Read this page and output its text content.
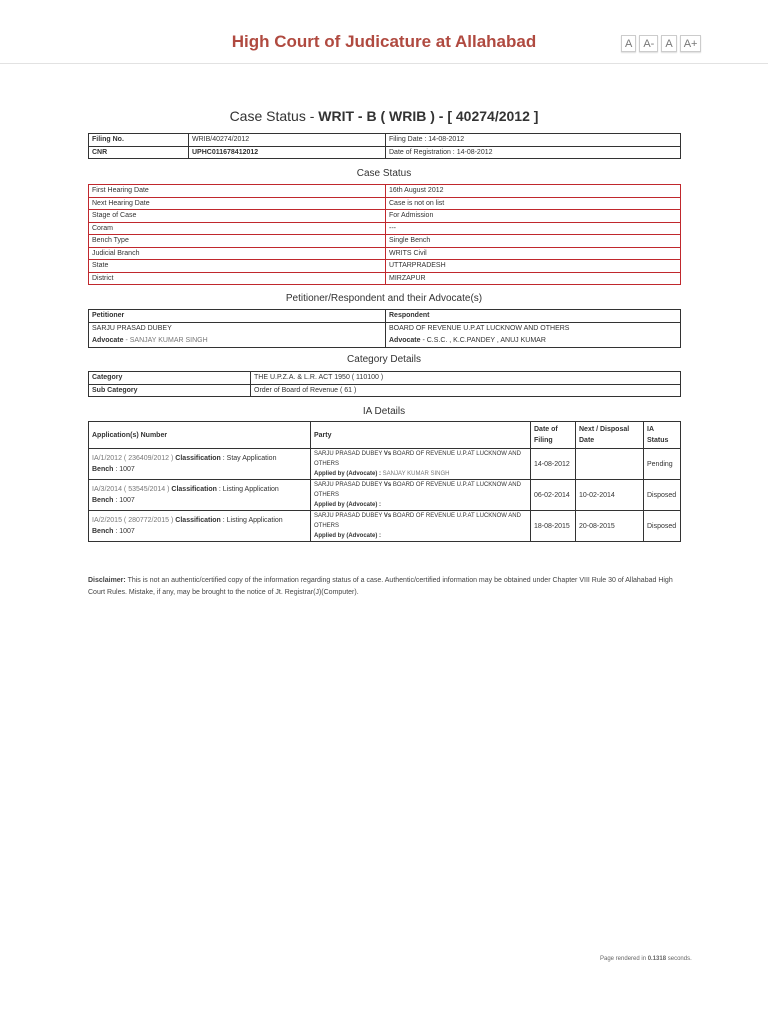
High Court of Judicature at Allahabad	A	A-	A	A+
Case Status - WRIT - B ( WRIB ) - [ 40274/2012 ]
Filing No.	WRIB/40274/2012	Filing Date : 14-08-2012
CNR	UPHC011678412012	Date of Registration : 14-08-2012
Case Status
First Hearing Date	16th August 2012
Next Hearing Date	Case is not on list
Stage of Case	For Admission
Coram	---
Bench Type	Single Bench
Judicial Branch	WRITS Civil
State	UTTARPRADESH
District	MIRZAPUR
Petitioner/Respondent and their Advocate(s)
Petitioner	Respondent
SARJU PRASAD DUBEY	BOARD OF REVENUE U.P.AT LUCKNOW AND OTHERS
Advocate - SANJAY KUMAR SINGH	Advocate - C.S.C. , K.C.PANDEY , ANUJ KUMAR
Category Details
Category	THE U.P.Z.A. & L.R. ACT 1950 ( 110100 )
Sub Category	Order of Board of Revenue ( 61 )
IA Details
Application(s) Number	Party	Date of Filing	Next / Disposal Date	IA Status
IA/1/2012 ( 236409/2012 ) Classification : Stay Application
Bench : 1007	SARJU PRASAD DUBEY Vs BOARD OF REVENUE U.P.AT LUCKNOW AND OTHERS
Applied by (Advocate) : SANJAY KUMAR SINGH	14-08-2012		Pending
IA/3/2014 ( 53545/2014 ) Classification : Listing Application
Bench : 1007	SARJU PRASAD DUBEY Vs BOARD OF REVENUE U.P.AT LUCKNOW AND OTHERS
Applied by (Advocate) :	06-02-2014	10-02-2014	Disposed
IA/2/2015 ( 280772/2015 ) Classification : Listing Application
Bench : 1007	SARJU PRASAD DUBEY Vs BOARD OF REVENUE U.P.AT LUCKNOW AND OTHERS
Applied by (Advocate) :	18-08-2015	20-08-2015	Disposed
Disclaimer: This is not an authentic/certified copy of the information regarding status of a case. Authentic/certified information may be obtained under Chapter VIII Rule 30 of Allahabad High Court Rules. Mistake, if any, may be brought to the notice of Jt. Registrar(J)(Computer).
Page rendered in 0.1318 seconds.
